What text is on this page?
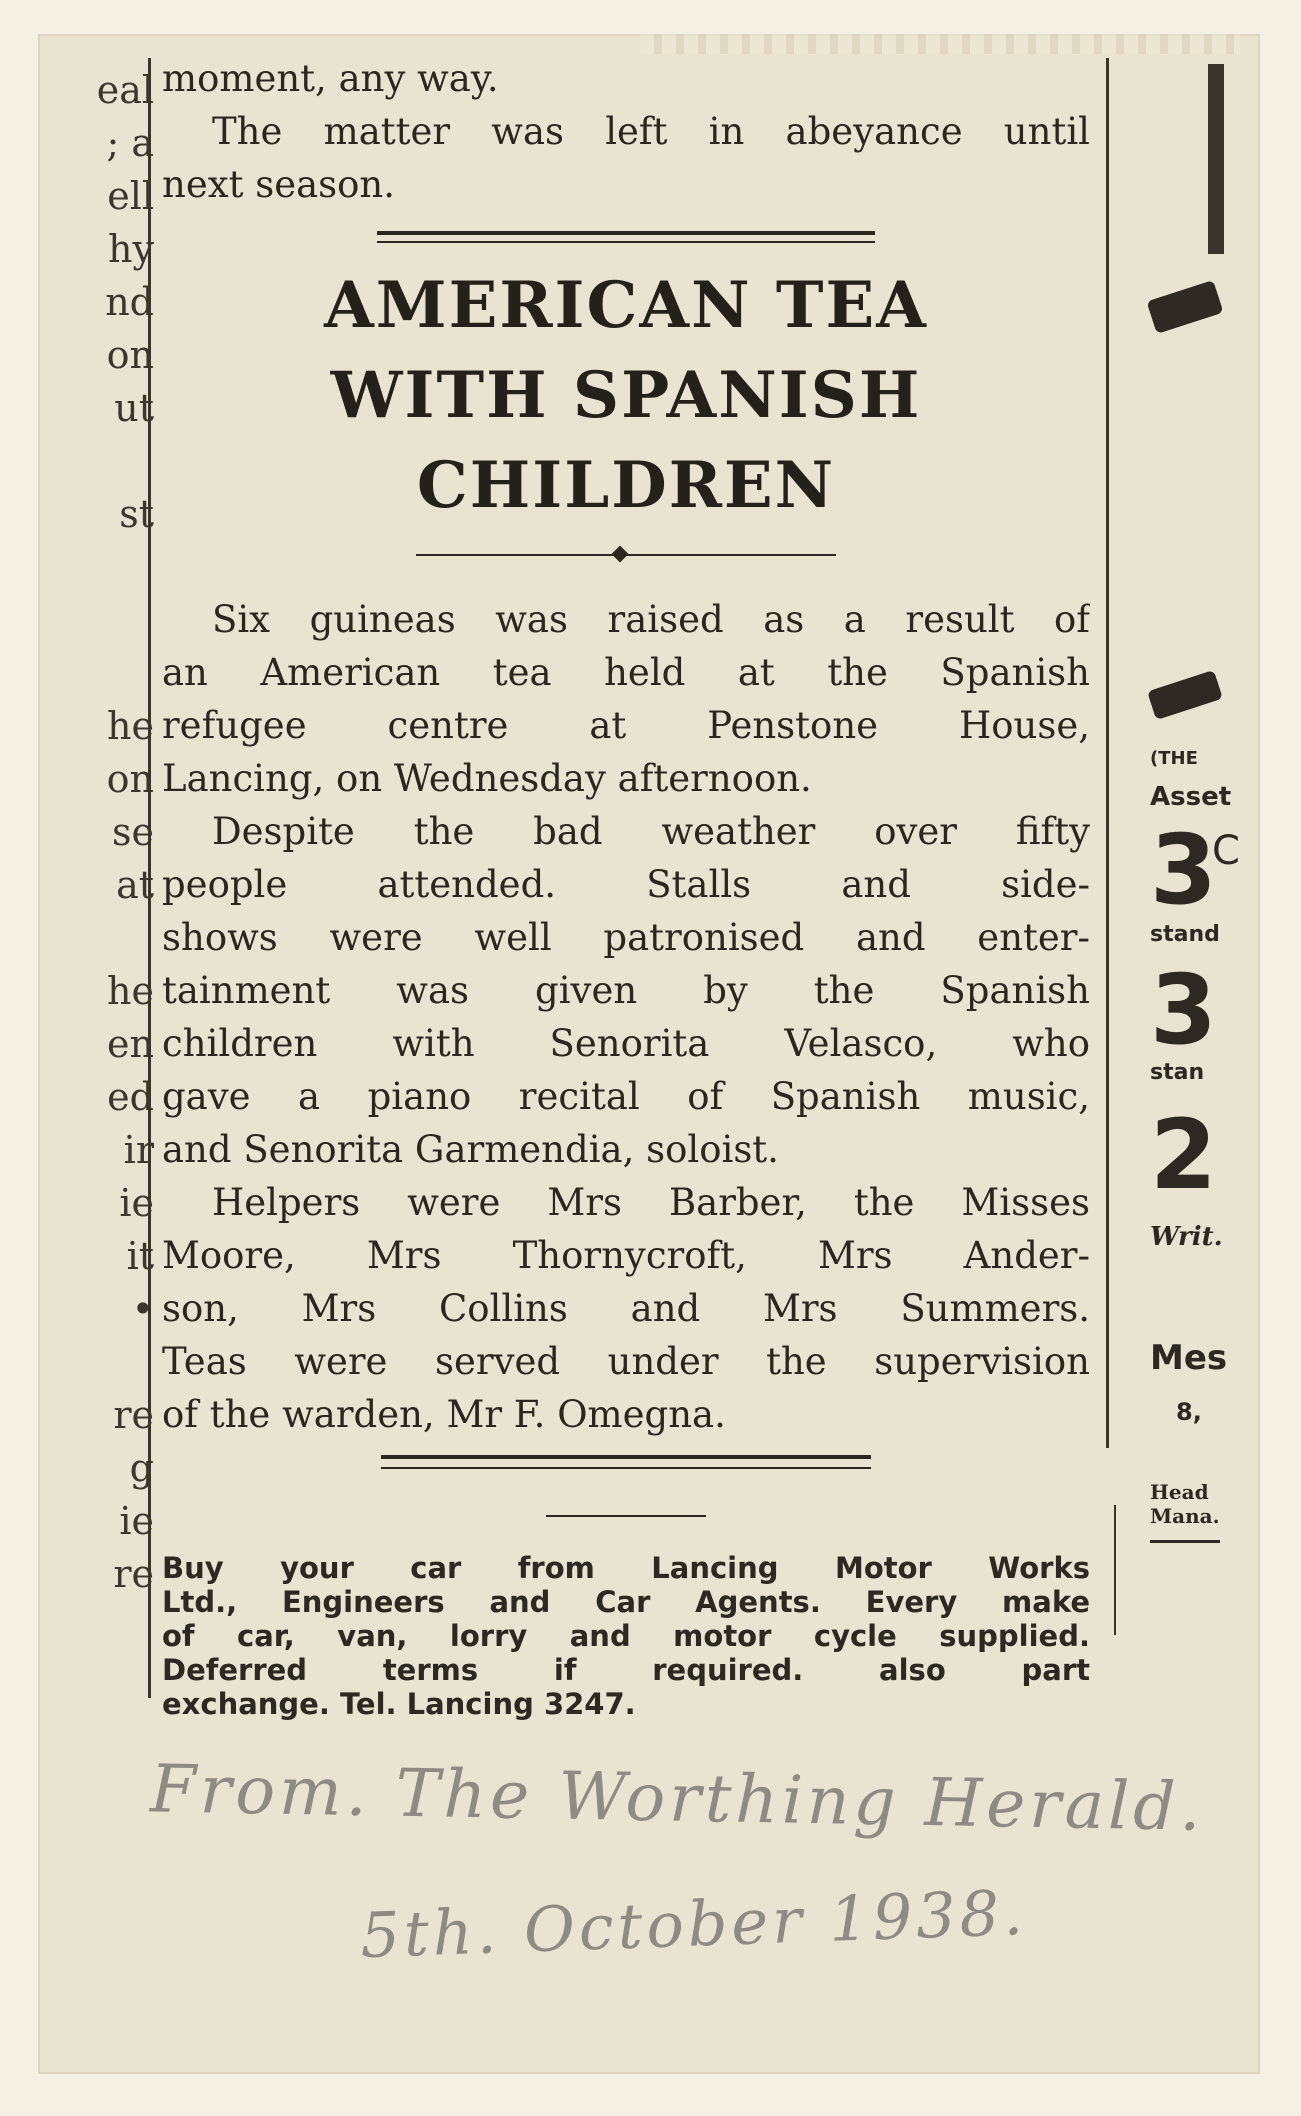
eal
; a
ell
hy
nd
on
ut
st
he
on
se
at
he
en
ed
ir
ie
it
•
re
g
ie
re
moment, any way.
The matter was left in abeyance until
next season.
AMERICAN TEA
WITH SPANISH
CHILDREN
Six guineas was raised as a result of
an American tea held at the Spanish
refugee centre at Penstone House,
Lancing, on Wednesday afternoon.
Despite the bad weather over fifty
people attended. Stalls and side-
shows were well patronised and enter-
tainment was given by the Spanish
children with Senorita Velasco, who
gave a piano recital of Spanish music,
and Senorita Garmendia, soloist.
Helpers were Mrs Barber, the Misses
Moore, Mrs Thornycroft, Mrs Ander-
son, Mrs Collins and Mrs Summers.
Teas were served under the supervision
of the warden, Mr F. Omegna.
Buy your car from Lancing Motor Works
Ltd., Engineers and Car Agents. Every make
of car, van, lorry and motor cycle supplied.
Deferred terms if required. also part
exchange. Tel. Lancing 3247.
(THE
Asset
3
C
stand
3
stan
2
Writ.
Mes
8,
Head
Mana.
From. The Worthing Herald.
5th. October 1938.
